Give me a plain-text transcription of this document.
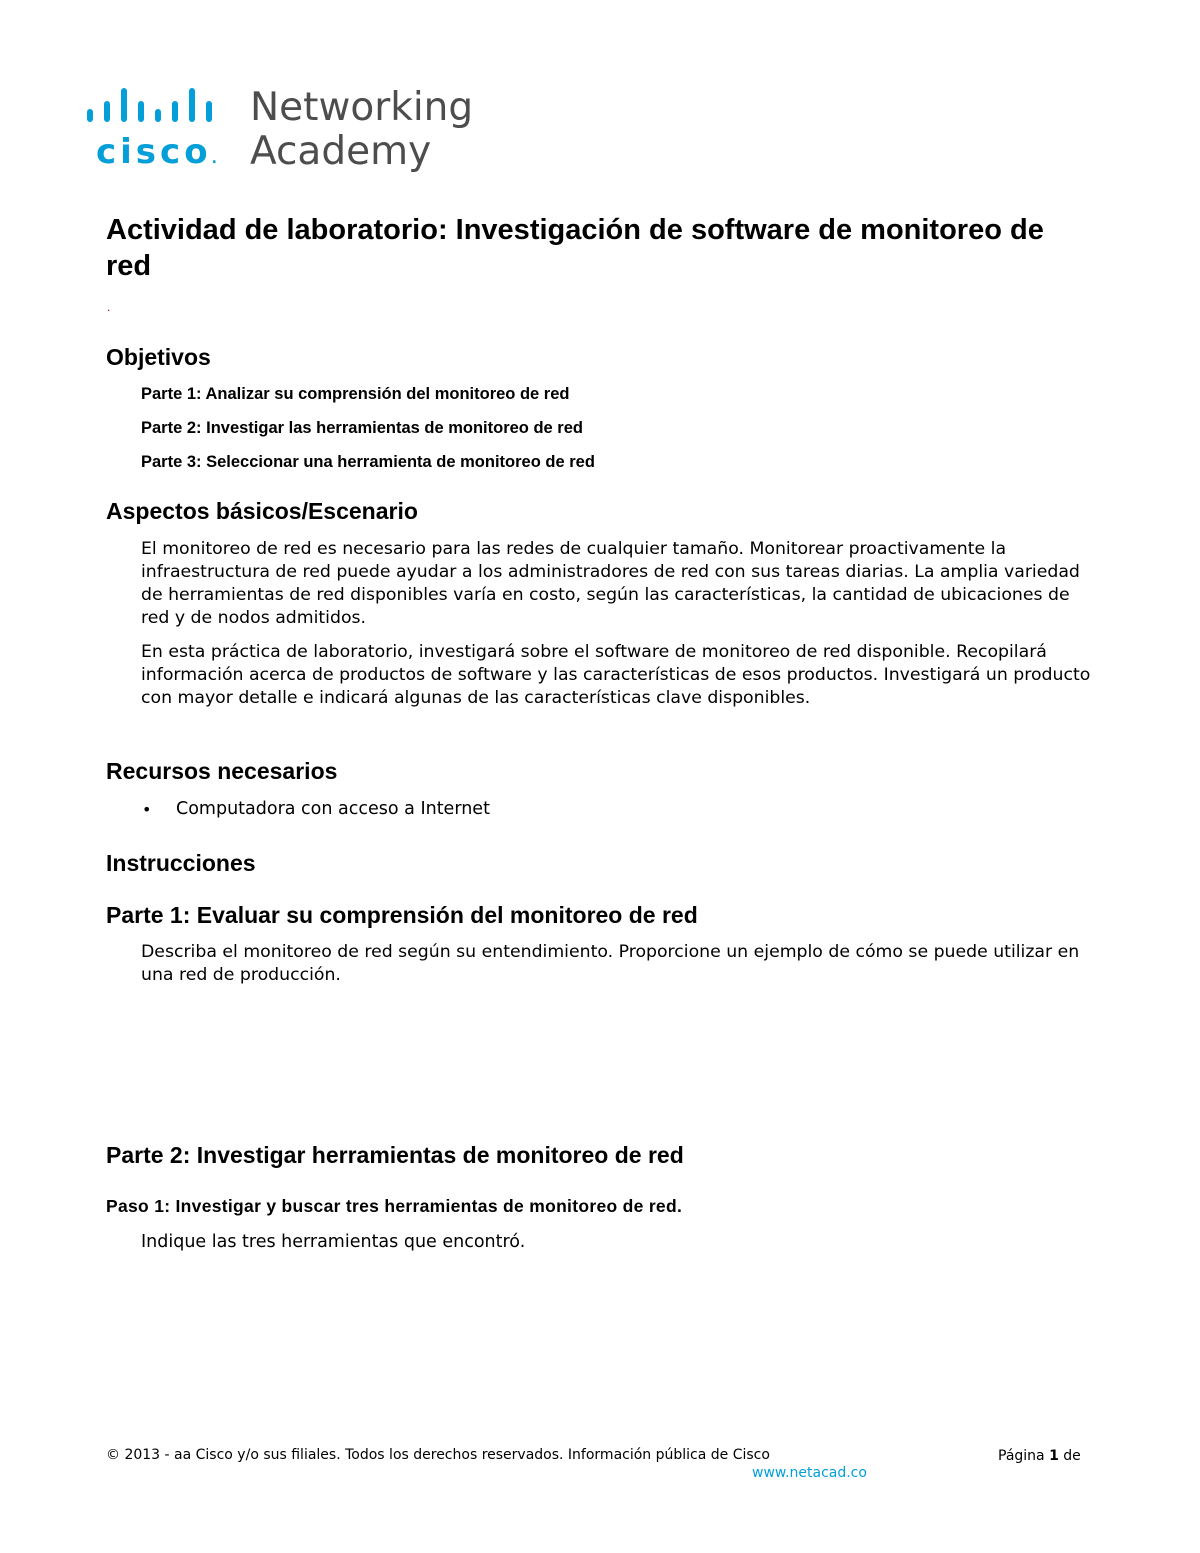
cisco.
Networking
Academy
Actividad de laboratorio: Investigación de software de monitoreo de red
.
Objetivos
Parte 1: Analizar su comprensión del monitoreo de red
Parte 2: Investigar las herramientas de monitoreo de red
Parte 3: Seleccionar una herramienta de monitoreo de red
Aspectos básicos/Escenario
El monitoreo de red es necesario para las redes de cualquier tamaño. Monitorear proactivamente la infraestructura de red puede ayudar a los administradores de red con sus tareas diarias. La amplia variedad de herramientas de red disponibles varía en costo, según las características, la cantidad de ubicaciones de red y de nodos admitidos.
En esta práctica de laboratorio, investigará sobre el software de monitoreo de red disponible. Recopilará información acerca de productos de software y las características de esos productos. Investigará un producto con mayor detalle e indicará algunas de las características clave disponibles.
Recursos necesarios
• Computadora con acceso a Internet
Instrucciones
Parte 1: Evaluar su comprensión del monitoreo de red
Describa el monitoreo de red según su entendimiento. Proporcione un ejemplo de cómo se puede utilizar en una red de producción.
Parte 2: Investigar herramientas de monitoreo de red
Paso 1: Investigar y buscar tres herramientas de monitoreo de red.
Indique las tres herramientas que encontró.
© 2013 - aa Cisco y/o sus filiales. Todos los derechos reservados. Información pública de Cisco	Página 1 de
www.netacad.co
